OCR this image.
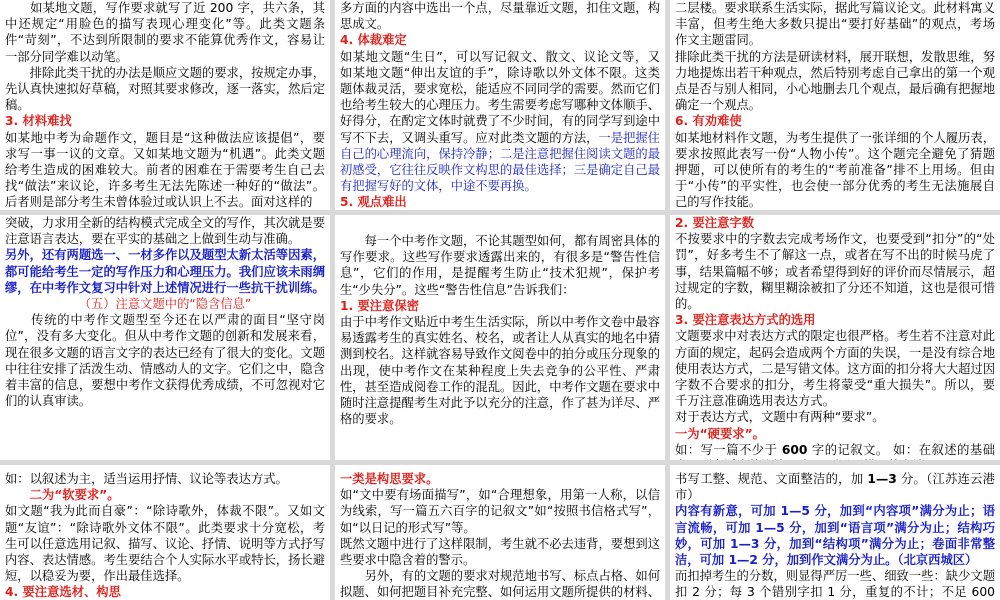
　　如某地文题，写作要求就写了近 200 字，共六条，其中还规定“用脸色的描写表现心理变化”等。此类文题条件“苛刻”，不达到所限制的要求不能算优秀作文，容易让一部分同学难以动笔。

　　排除此类干扰的办法是顺应文题的要求，按规定办事，先认真快速拟好草稿，对照其要求修改，逐一落实，然后定稿。

3. 材料难找

如某地中考为命题作文，题目是“这种做法应该提倡”，要求写一事一议的文章。又如某地文题为“机遇”。此类文题给考生造成的困难较大。前者的困难在于需要考生自己去找“做法”来议论，许多考生无法先陈述一种好的“做法”。后者则是部分考生未曾体验过或认识上不去。面对这样的

多方面的内容中选出一个点，尽量靠近文题，扣住文题，构思成文。

4. 体裁难定

如某地文题“生日”，可以写记叙文、散文、议论文等，又如某地文题“伸出友谊的手”，除诗歌以外文体不限。这类题体裁灵活，要求宽松，能适应不同同学的需要。然而它们也给考生较大的心理压力。考生需要考虑写哪种文体顺手、好得分，在酌定文体时就费了不少时间，有的同学写到途中写不下去，又调头重写。应对此类文题的方法，一是把握住自己的心理流向，保持冷静；二是注意把握住阅读文题的最初感受，它往往反映作文构思的最佳选择；三是确定自己最有把握写好的文体，中途不要再换。

5. 观点难出

二层楼。要求联系生活实际，据此写篇议论文。此材料寓义丰富，但考生绝大多数只提出“要打好基础”的观点，考场作文主题雷同。

排除此类干扰的方法是研读材料，展开联想，发散思维，努力地提炼出若干种观点，然后特别考虑自己拿出的第一个观点是否与别人相同，小心地删去几个观点，最后确有把握地确定一个观点。

6. 有劝难使

如某地材料作文题，为考生提供了一张详细的个人履历表，要求按照此表写一份“人物小传”。这个题完全避免了猜题押题，可以使所有的考生的“考前准备”排不上用场。但由于“小传”的平实性，也会使一部分优秀的考生无法施展自己的写作技能。

突破，力求用全新的结构模式完成全文的写作，其次就是要注意语言表达，要在平实的基础之上做到生动与准确。

另外，还有两题选一、一材多作以及题型太新太活等因素，都可能给考生一定的写作压力和心理压力。我们应该未雨绸缪，在中考作文复习中针对上述情况进行一些抗干扰训练。

（五）注意文题中的“隐含信息”

　　传统的中考作文题型至今还在以严肃的面目“坚守岗位”，没有多大变化。但从中考作文题的创新和发展来看，现在很多文题的语言文字的表达已经有了很大的变化。文题中往往安排了活泼生动、情感动人的文字。它们之中，隐含着丰富的信息，要想中考作文获得优秀成绩，不可忽视对它们的认真审读。

　　每一个中考作文题，不论其题型如何，都有周密具体的写作要求。这些写作要求透露出来的，有很多是“警告性信息”，它们的作用，是提醒考生防止“技术犯规”，保护考生“少失分”。这些“警告性信息”告诉我们：

1. 要注意保密

由于中考作文贴近中考生生活实际，所以中考作文卷中最容易透露考生的真实姓名、校名，或者让人从真实的地名中猜测到校名。这样就容易导致作文阅卷中的拍分或压分现象的出现，使中考作文在某种程度上失去竞争的公平性、严肃性，甚至造成阅卷工作的混乱。因此，中考作文题在要求中随时注意提醒考生对此予以充分的注意，作了甚为详尽、严格的要求。

2. 要注意字数

不按要求中的字数去完成考场作文，也要受到“扣分”的“处罚”，好多考生不了解这一点，或者在写不出的时候马虎了事，结果篇幅不够；或者希望得到好的评价而尽情展示，超过规定的字数，糊里糊涂被扣了分还不知道，这也是很可惜的。

3. 要注意表达方式的选用

文题要求中对表达方式的限定也很严格。考生若不注意对此方面的规定，起码会造成两个方面的失误，一是没有综合地使用表达方式，二是写错文体。这方面的扣分将大大超过因字数不合要求的扣分，考生将蒙受“重大损失”。所以，要千万注意准确选用表达方式。

对于表达方式，文题中有两种“要求”。

一为“硬要求”。

如：写一篇不少于 600 字的记叙文。 如：在叙述的基础

如：以叙述为主，适当运用抒情、议论等表达方式。

　　二为“软要求”。

如文题“我为此而自豪”：“除诗歌外，体裁不限”。又如文题“友谊”：“除诗歌外文体不限”。此类要求十分宽松，考生可以任意选用记叙、描写、议论、抒情、说明等方式抒写内容、表达情感。考生要结合个人实际水平或特长，扬长避短，以稳妥为要，作出最佳选择。

4. 要注意选材、构思

一类是构思要求。

如“文中要有场面描写”，如“合理想象，用第一人称，以信为线索，写一篇五六百字的记叙文”如“按照书信格式写”，如“以日记的形式写”等。

既然文题中进行了这样限制，考生就不必去违背，要想到这些要求中隐含着的警示。

　　另外，有的文题的要求对规范地书写、标点占格、如何拟题、如何把题目补充完整、如何运用文题所提供的材料、

书写工整、规范、文面整洁的，加 1—3 分。（江苏连云港市）

内容有新意，可加 1—5 分，加到“内容项”满分为止；语言流畅，可加 1—5 分，加到“语言项”满分为止；结构巧妙，可加 1—3 分，加到“结构项”满分为止；卷面非常整洁，可加 1—2 分，加到作文满分为止。（北京西城区）

而扣掉考生的分数，则显得严厉一些、细致一些：缺少文题扣 2 分；每 3 个错别字扣 1 分，重复的不计；不足 600
